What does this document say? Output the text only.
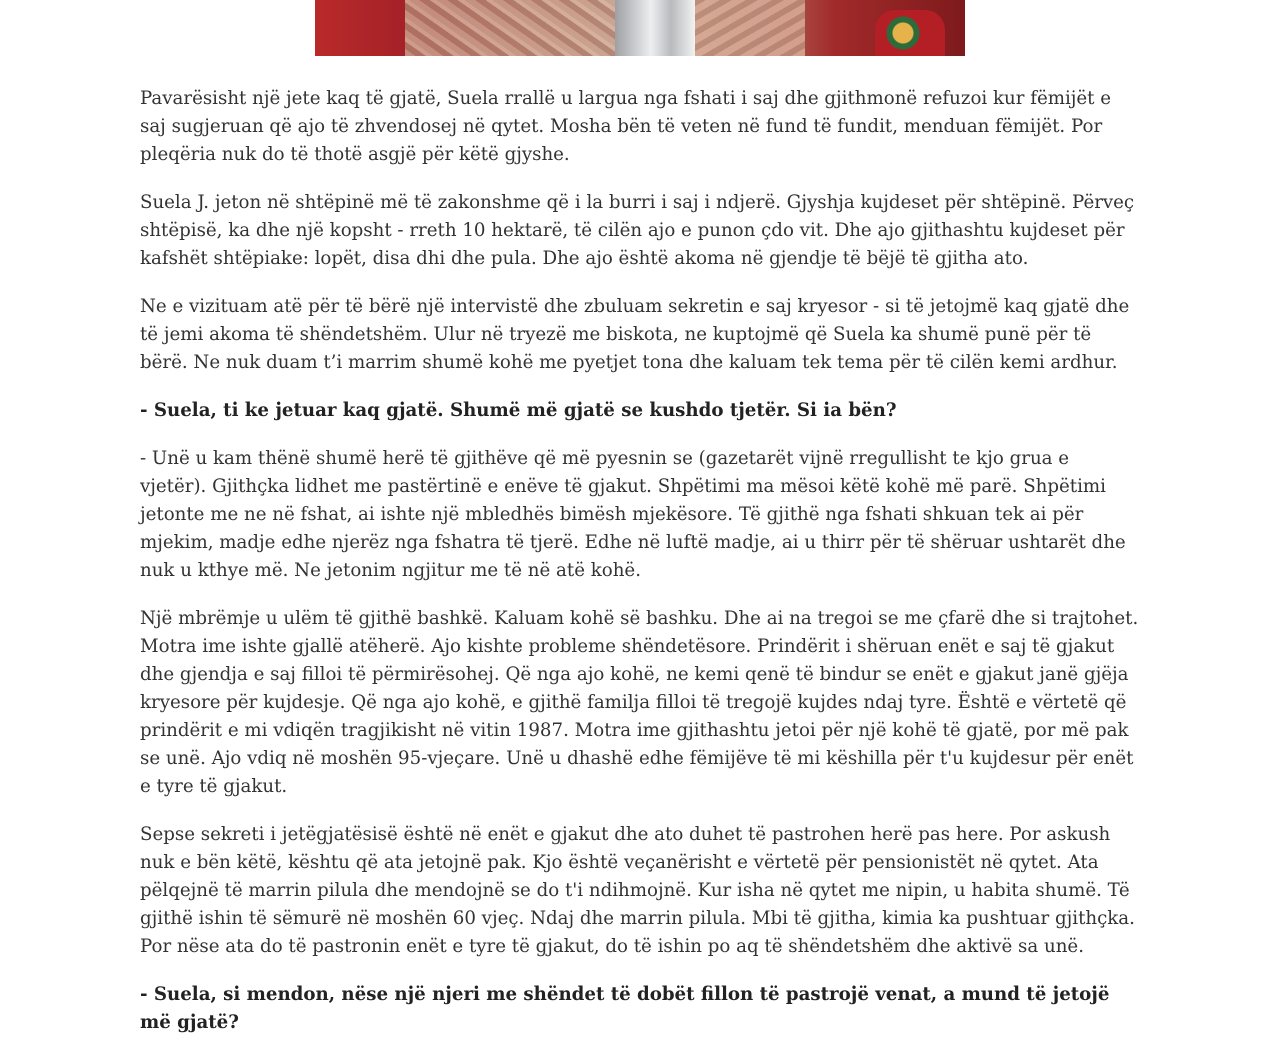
Pavarësisht një jete kaq të gjatë, Suela rrallë u largua nga fshati i saj dhe gjithmonë refuzoi kur fëmijët e saj sugjeruan që ajo të zhvendosej në qytet. Mosha bën të veten në fund të fundit, menduan fëmijët. Por pleqëria nuk do të thotë asgjë për këtë gjyshe.

Suela J. jeton në shtëpinë më të zakonshme që i la burri i saj i ndjerë. Gjyshja kujdeset për shtëpinë. Përveç shtëpisë, ka dhe një kopsht - rreth 10 hektarë, të cilën ajo e punon çdo vit. Dhe ajo gjithashtu kujdeset për kafshët shtëpiake: lopët, disa dhi dhe pula. Dhe ajo është akoma në gjendje të bëjë të gjitha ato.

Ne e vizituam atë për të bërë një intervistë dhe zbuluam sekretin e saj kryesor - si të jetojmë kaq gjatë dhe të jemi akoma të shëndetshëm. Ulur në tryezë me biskota, ne kuptojmë që Suela ka shumë punë për të bërë. Ne nuk duam t’i marrim shumë kohë me pyetjet tona dhe kaluam tek tema për të cilën kemi ardhur.

- Suela, ti ke jetuar kaq gjatë. Shumë më gjatë se kushdo tjetër. Si ia bën?

- Unë u kam thënë shumë herë të gjithëve që më pyesnin se (gazetarët vijnë rregullisht te kjo grua e vjetër). Gjithçka lidhet me pastërtinë e enëve të gjakut. Shpëtimi ma mësoi këtë kohë më parë. Shpëtimi jetonte me ne në fshat, ai ishte një mbledhës bimësh mjekësore. Të gjithë nga fshati shkuan tek ai për mjekim, madje edhe njerëz nga fshatra të tjerë. Edhe në luftë madje, ai u thirr për të shëruar ushtarët dhe nuk u kthye më. Ne jetonim ngjitur me të në atë kohë.

Një mbrëmje u ulëm të gjithë bashkë. Kaluam kohë së bashku. Dhe ai na tregoi se me çfarë dhe si trajtohet. Motra ime ishte gjallë atëherë. Ajo kishte probleme shëndetësore. Prindërit i shëruan enët e saj të gjakut dhe gjendja e saj filloi të përmirësohej. Që nga ajo kohë, ne kemi qenë të bindur se enët e gjakut janë gjëja kryesore për kujdesje. Që nga ajo kohë, e gjithë familja filloi të tregojë kujdes ndaj tyre. Është e vërtetë që prindërit e mi vdiqën tragjikisht në vitin 1987. Motra ime gjithashtu jetoi për një kohë të gjatë, por më pak se unë. Ajo vdiq në moshën 95-vjeçare. Unë u dhashë edhe fëmijëve të mi këshilla për t'u kujdesur për enët e tyre të gjakut.

Sepse sekreti i jetëgjatësisë është në enët e gjakut dhe ato duhet të pastrohen herë pas here. Por askush nuk e bën këtë, kështu që ata jetojnë pak. Kjo është veçanërisht e vërtetë për pensionistët në qytet. Ata pëlqejnë të marrin pilula dhe mendojnë se do t'i ndihmojnë. Kur isha në qytet me nipin, u habita shumë. Të gjithë ishin të sëmurë në moshën 60 vjeç. Ndaj dhe marrin pilula. Mbi të gjitha, kimia ka pushtuar gjithçka. Por nëse ata do të pastronin enët e tyre të gjakut, do të ishin po aq të shëndetshëm dhe aktivë sa unë.

- Suela, si mendon, nëse një njeri me shëndet të dobët fillon të pastrojë venat, a mund të jetojë më gjatë?
